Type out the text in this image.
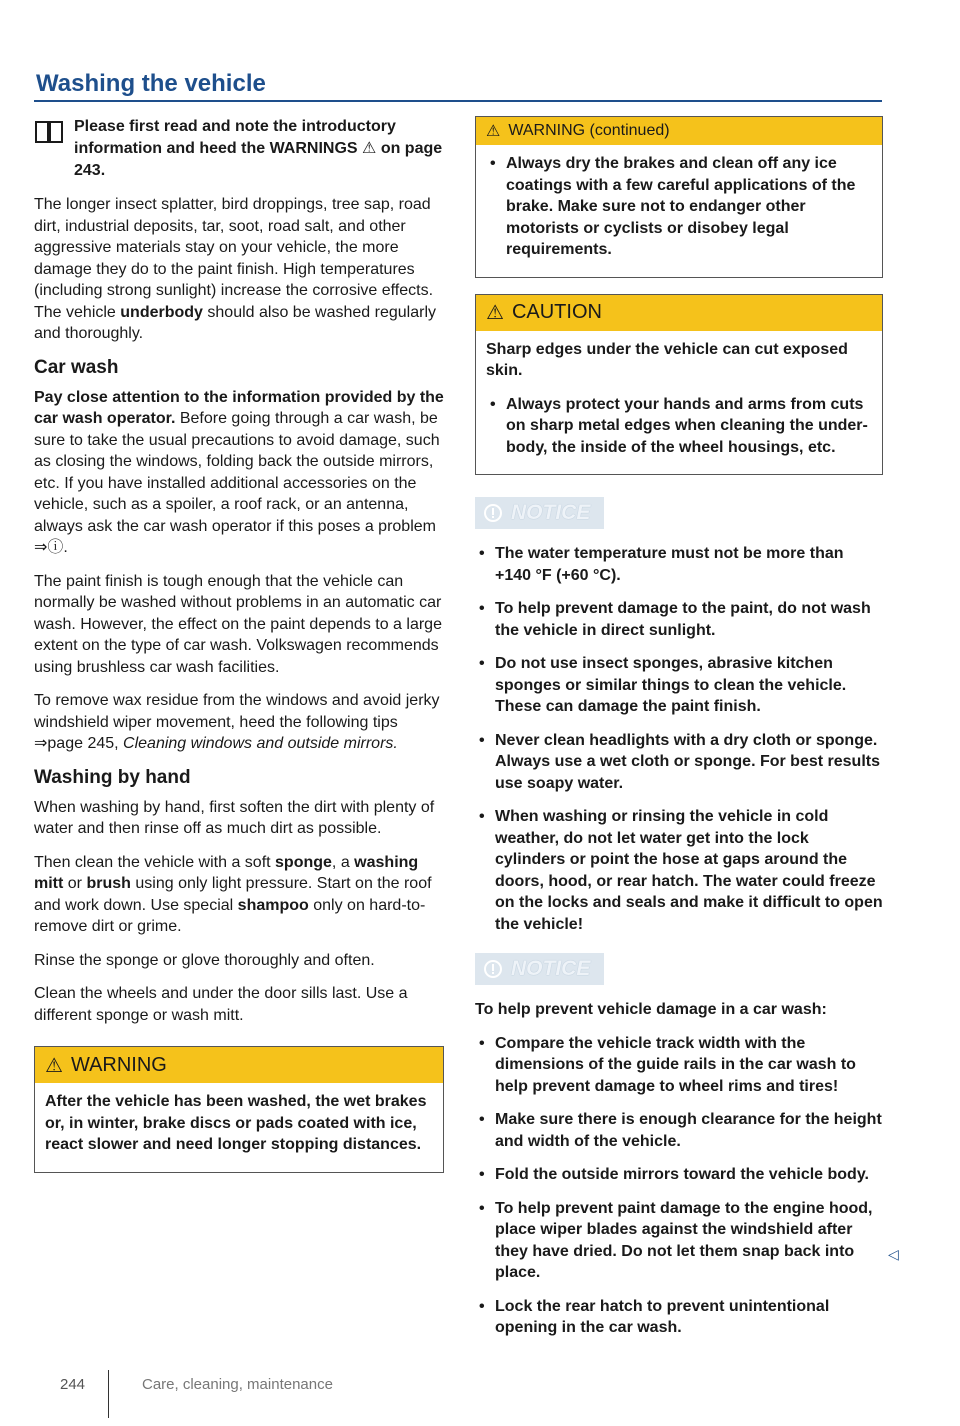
Washing the vehicle
Please first read and note the introductory information and heed the WARNINGS ⚠ on page 243.

The longer insect splatter, bird droppings, tree sap, road dirt, industrial deposits, tar, soot, road salt, and other aggressive materials stay on your vehicle, the more damage they do to the paint finish. High temperatures (including strong sunlight) increase the corrosive effects. The vehicle underbody should also be washed regularly and thoroughly.

Car wash

Pay close attention to the information provided by the car wash operator. Before going through a car wash, be sure to take the usual precautions to avoid damage, such as closing the windows, folding back the outside mirrors, etc. If you have installed additional accessories on the vehicle, such as a spoiler, a roof rack, or an antenna, always ask the car wash operator if this poses a problem ⇒ⓘ.

The paint finish is tough enough that the vehicle can normally be washed without problems in an automatic car wash. However, the effect on the paint depends to a large extent on the type of car wash. Volkswagen recommends using brushless car wash facilities.

To remove wax residue from the windows and avoid jerky windshield wiper movement, heed the following tips ⇒page 245, Cleaning windows and outside mirrors.

Washing by hand

When washing by hand, first soften the dirt with plenty of water and then rinse off as much dirt as possible.

Then clean the vehicle with a soft sponge, a washing mitt or brush using only light pressure. Start on the roof and work down. Use special shampoo only on hard-to-remove dirt or grime.

Rinse the sponge or glove thoroughly and often.

Clean the wheels and under the door sills last. Use a different sponge or wash mitt.

⚠ WARNING

After the vehicle has been washed, the wet brakes or, in winter, brake discs or pads coated with ice, react slower and need longer stopping distances.

⚠ WARNING (continued)
• Always dry the brakes and clean off any ice coatings with a few careful applications of the brake. Make sure not to endanger other motorists or cyclists or disobey legal requirements.
⚠ CAUTION

Sharp edges under the vehicle can cut exposed skin.

• Always protect your hands and arms from cuts on sharp metal edges when cleaning the under-body, the inside of the wheel housings, etc.
NOTICE
• The water temperature must not be more than +140 °F (+60 °C).
• To help prevent damage to the paint, do not wash the vehicle in direct sunlight.
• Do not use insect sponges, abrasive kitchen sponges or similar things to clean the vehicle. These can damage the paint finish.
• Never clean headlights with a dry cloth or sponge. Always use a wet cloth or sponge. For best results use soapy water.
• When washing or rinsing the vehicle in cold weather, do not let water get into the lock cylinders or point the hose at gaps around the doors, hood, or rear hatch. The water could freeze on the locks and seals and make it difficult to open the vehicle!
NOTICE

To help prevent vehicle damage in a car wash:

• Compare the vehicle track width with the dimensions of the guide rails in the car wash to help prevent damage to wheel rims and tires!
• Make sure there is enough clearance for the height and width of the vehicle.
• Fold the outside mirrors toward the vehicle body.
• To help prevent paint damage to the engine hood, place wiper blades against the windshield after they have dried. Do not let them snap back into place.
• Lock the rear hatch to prevent unintentional opening in the car wash.
◁
244	Care, cleaning, maintenance
